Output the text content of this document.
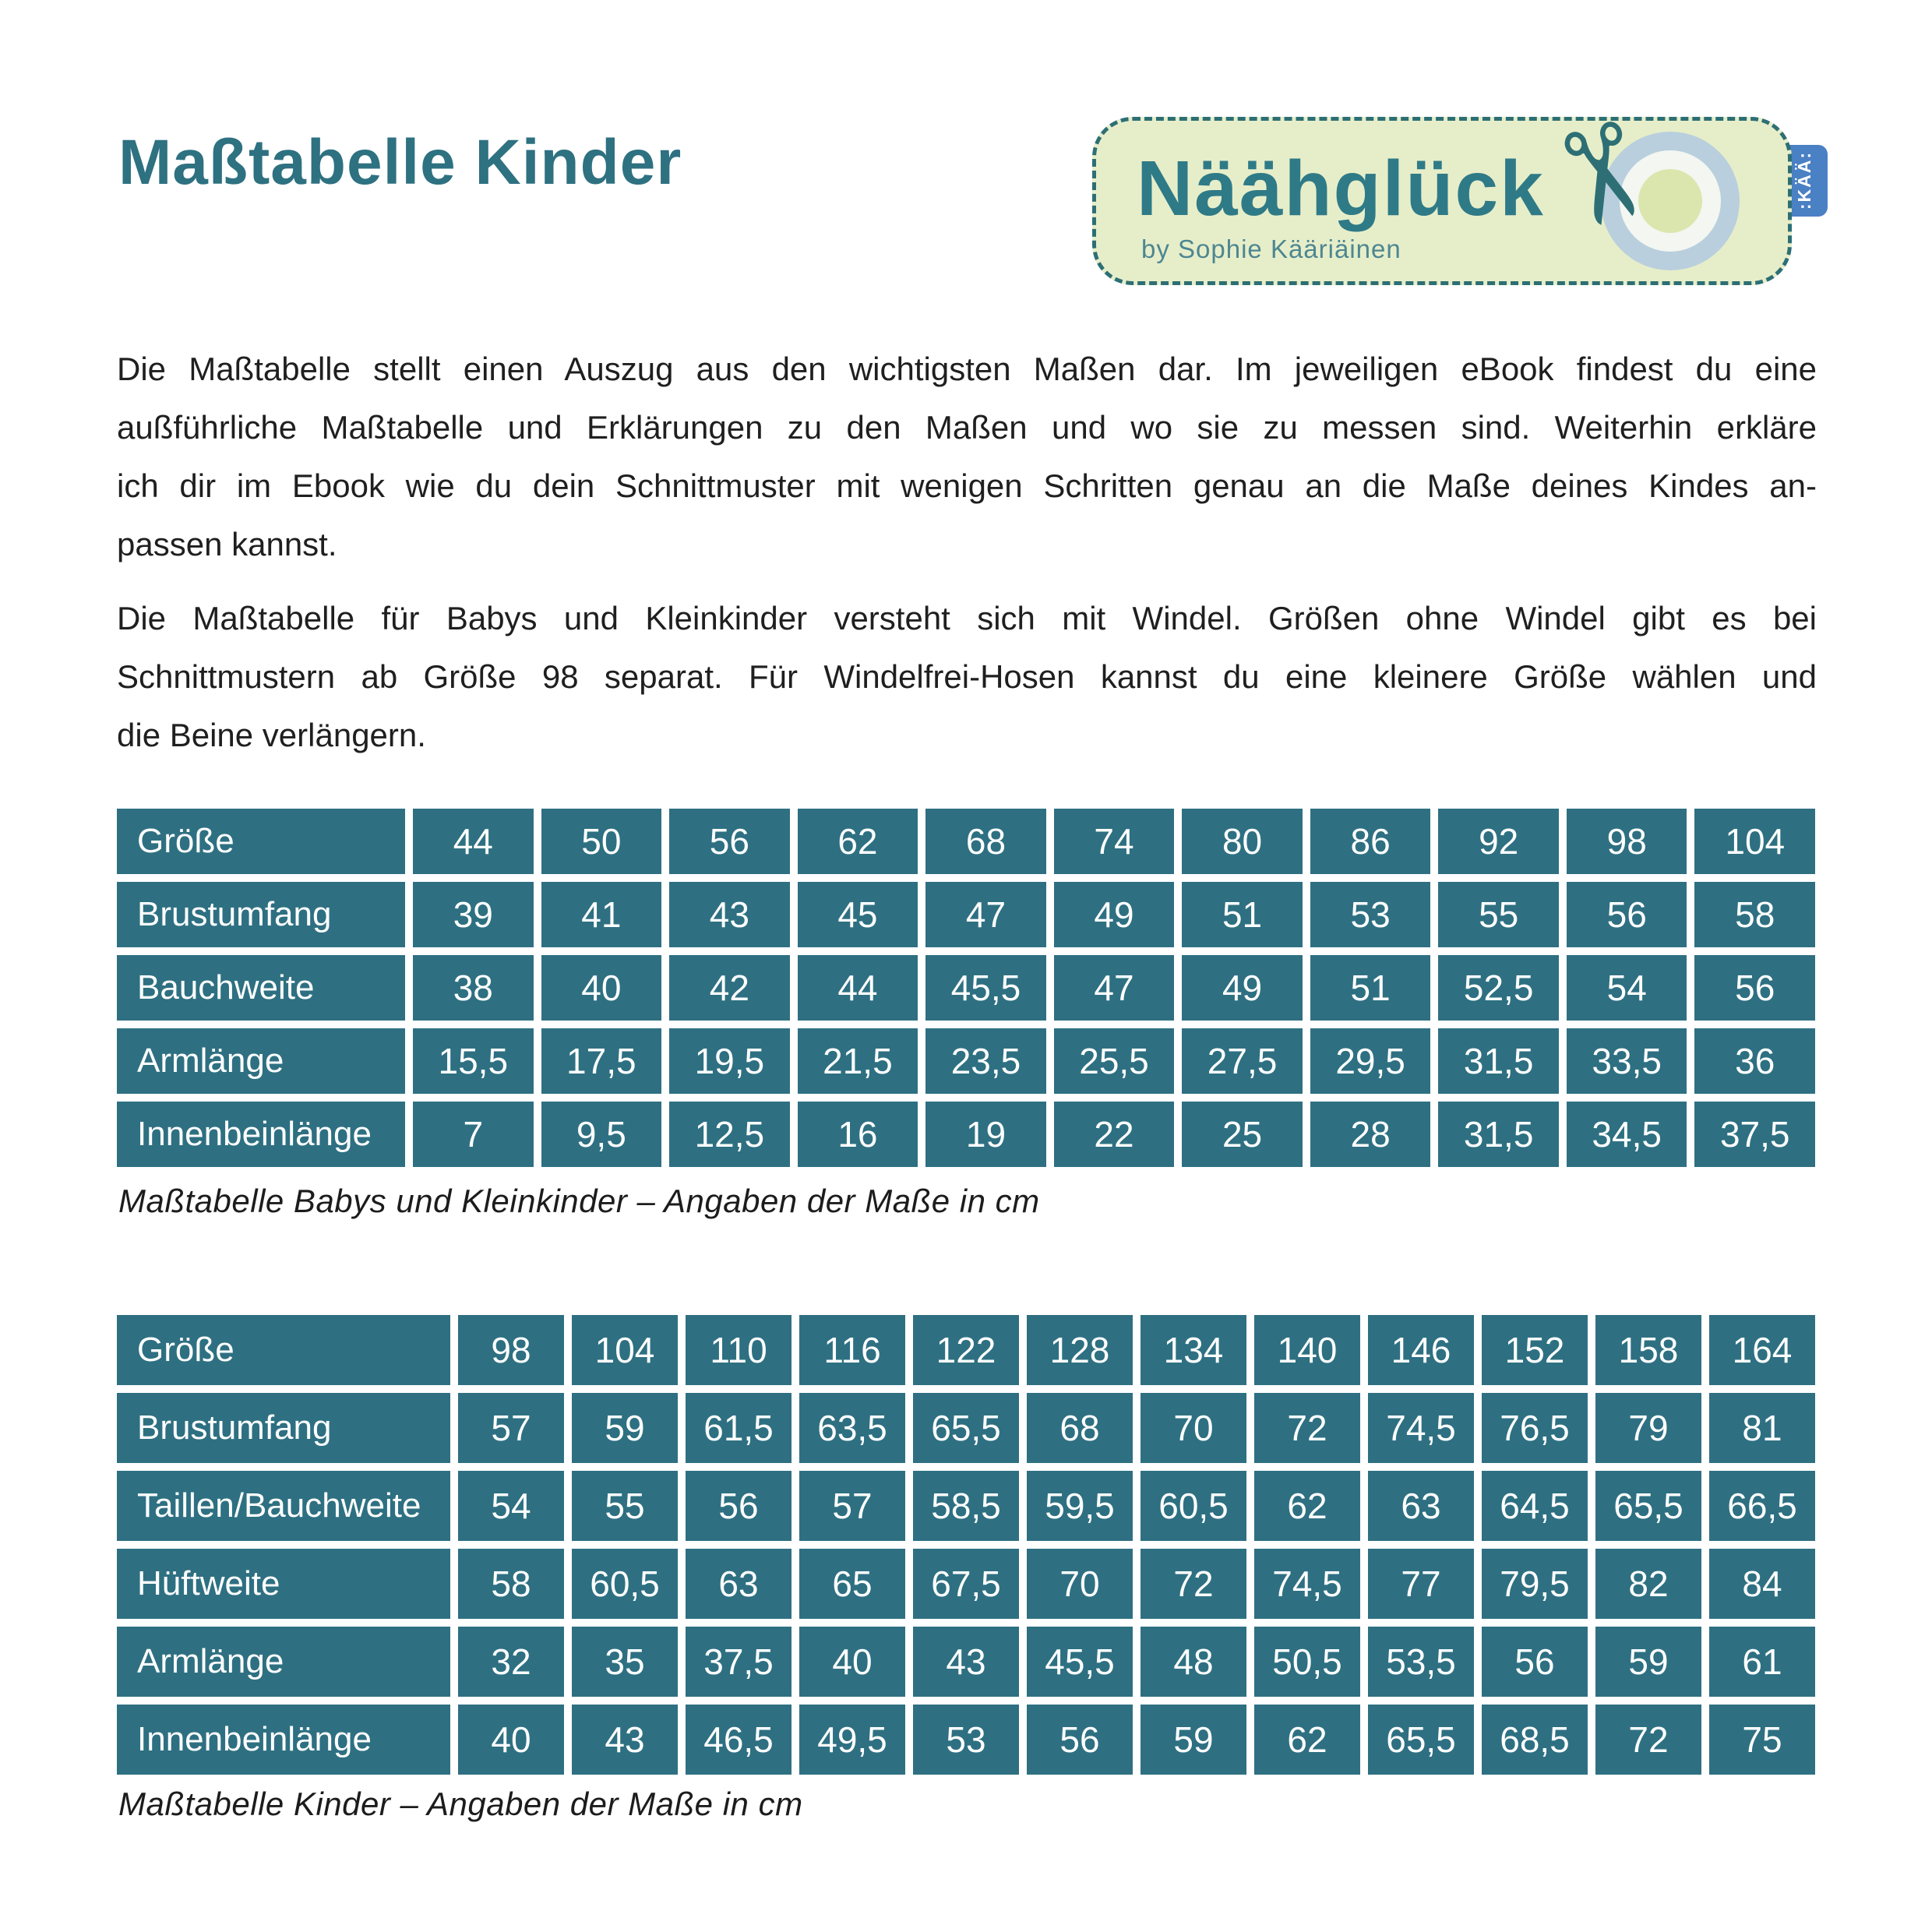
Maßtabelle Kinder	:KÄÄ:
Näähglück
by Sophie Kääriäinen
✂
Die Maßtabelle stellt einen Auszug aus den wichtigsten Maßen dar. Im jeweiligen eBook findest du eine
außführliche Maßtabelle und Erklärungen zu den Maßen und wo sie zu messen sind. Weiterhin erkläre
ich dir im Ebook wie du dein Schnittmuster mit wenigen Schritten genau an die Maße deines Kindes an-
passen kannst.
Die Maßtabelle für Babys und Kleinkinder versteht sich mit Windel. Größen ohne Windel gibt es bei
Schnittmustern ab Größe 98 separat. Für Windelfrei-Hosen kannst du eine kleinere Größe wählen und
die Beine verlängern.
Größe	44	50	56	62	68	74	80	86	92	98	104
Brustumfang	39	41	43	45	47	49	51	53	55	56	58
Bauchweite	38	40	42	44	45,5	47	49	51	52,5	54	56
Armlänge	15,5	17,5	19,5	21,5	23,5	25,5	27,5	29,5	31,5	33,5	36
Innenbeinlänge	7	9,5	12,5	16	19	22	25	28	31,5	34,5	37,5
Maßtabelle Babys und Kleinkinder – Angaben der Maße in cm
Größe	98	104	110	116	122	128	134	140	146	152	158	164
Brustumfang	57	59	61,5	63,5	65,5	68	70	72	74,5	76,5	79	81
Taillen/Bauchweite	54	55	56	57	58,5	59,5	60,5	62	63	64,5	65,5	66,5
Hüftweite	58	60,5	63	65	67,5	70	72	74,5	77	79,5	82	84
Armlänge	32	35	37,5	40	43	45,5	48	50,5	53,5	56	59	61
Innenbeinlänge	40	43	46,5	49,5	53	56	59	62	65,5	68,5	72	75
Maßtabelle Kinder – Angaben der Maße in cm
